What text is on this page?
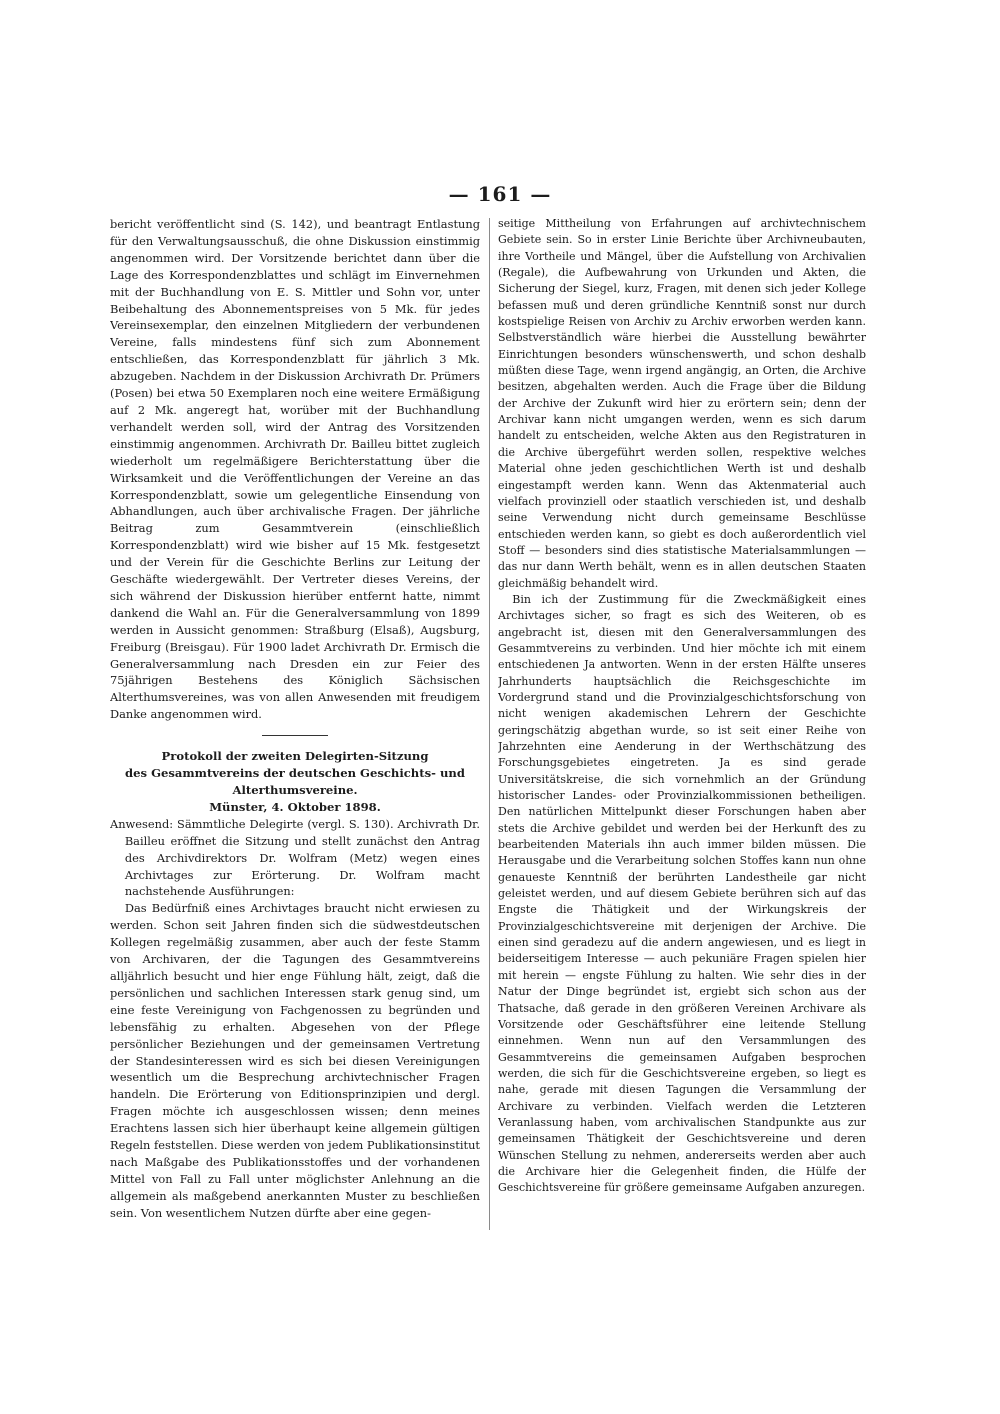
— 161 —

bericht veröffentlicht sind (S. 142), und beantragt Entlastung für den Verwaltungsausschuß, die ohne Diskussion einstimmig angenommen wird. Der Vorsitzende berichtet dann über die Lage des Korrespondenzblattes und schlägt im Einvernehmen mit der Buchhandlung von E. S. Mittler und Sohn vor, unter Beibehaltung des Abonnementspreises von 5 Mk. für jedes Vereinsexemplar, den einzelnen Mitgliedern der verbundenen Vereine, falls mindestens fünf sich zum Abonnement entschließen, das Korrespondenzblatt für jährlich 3 Mk. abzugeben. Nachdem in der Diskussion Archivrath Dr. Prümers (Posen) bei etwa 50 Exemplaren noch eine weitere Ermäßigung auf 2 Mk. angeregt hat, worüber mit der Buchhandlung verhandelt werden soll, wird der Antrag des Vorsitzenden einstimmig angenommen. Archivrath Dr. Bailleu bittet zugleich wiederholt um regelmäßigere Berichterstattung über die Wirksamkeit und die Veröffentlichungen der Vereine an das Korrespondenzblatt, sowie um gelegentliche Einsendung von Abhandlungen, auch über archivalische Fragen. Der jährliche Beitrag zum Gesammtverein (einschließlich Korrespondenzblatt) wird wie bisher auf 15 Mk. festgesetzt und der Verein für die Geschichte Berlins zur Leitung der Geschäfte wiedergewählt. Der Vertreter dieses Vereins, der sich während der Diskussion hierüber entfernt hatte, nimmt dankend die Wahl an. Für die Generalversammlung von 1899 werden in Aussicht genommen: Straßburg (Elsaß), Augsburg, Freiburg (Breisgau). Für 1900 ladet Archivrath Dr. Ermisch die Generalversammlung nach Dresden ein zur Feier des 75jährigen Bestehens des Königlich Sächsischen Alterthumsvereines, was von allen Anwesenden mit freudigem Danke angenommen wird.

Protokoll der zweiten Delegirten-Sitzung

des Gesammtvereins der deutschen Geschichts- und Alterthumsvereine.

Münster, 4. Oktober 1898.

Anwesend: Sämmtliche Delegirte (vergl. S. 130). Archivrath Dr. Bailleu eröffnet die Sitzung und stellt zunächst den Antrag des Archivdirektors Dr. Wolfram (Metz) wegen eines Archivtages zur Erörterung. Dr. Wolfram macht nachstehende Ausführungen:

Das Bedürfniß eines Archivtages braucht nicht erwiesen zu werden. Schon seit Jahren finden sich die südwestdeutschen Kollegen regelmäßig zusammen, aber auch der feste Stamm von Archivaren, der die Tagungen des Gesammtvereins alljährlich besucht und hier enge Fühlung hält, zeigt, daß die persönlichen und sachlichen Interessen stark genug sind, um eine feste Vereinigung von Fachgenossen zu begründen und lebensfähig zu erhalten. Abgesehen von der Pflege persönlicher Beziehungen und der gemeinsamen Vertretung der Standesinteressen wird es sich bei diesen Vereinigungen wesentlich um die Besprechung archivtechnischer Fragen handeln. Die Erörterung von Editionsprinzipien und dergl. Fragen möchte ich ausgeschlossen wissen; denn meines Erachtens lassen sich hier überhaupt keine allgemein gültigen Regeln feststellen. Diese werden von jedem Publikationsinstitut nach Maßgabe des Publikationsstoffes und der vorhandenen Mittel von Fall zu Fall unter möglichster Anlehnung an die allgemein als maßgebend anerkannten Muster zu beschließen sein. Von wesentlichem Nutzen dürfte aber eine gegen-

seitige Mittheilung von Erfahrungen auf archivtechnischem Gebiete sein. So in erster Linie Berichte über Archivneubauten, ihre Vortheile und Mängel, über die Aufstellung von Archivalien (Regale), die Aufbewahrung von Urkunden und Akten, die Sicherung der Siegel, kurz, Fragen, mit denen sich jeder Kollege befassen muß und deren gründliche Kenntniß sonst nur durch kostspielige Reisen von Archiv zu Archiv erworben werden kann. Selbstverständlich wäre hierbei die Ausstellung bewährter Einrichtungen besonders wünschenswerth, und schon deshalb müßten diese Tage, wenn irgend angängig, an Orten, die Archive besitzen, abgehalten werden. Auch die Frage über die Bildung der Archive der Zukunft wird hier zu erörtern sein; denn der Archivar kann nicht umgangen werden, wenn es sich darum handelt zu entscheiden, welche Akten aus den Registraturen in die Archive übergeführt werden sollen, respektive welches Material ohne jeden geschichtlichen Werth ist und deshalb eingestampft werden kann. Wenn das Aktenmaterial auch vielfach provinziell oder staatlich verschieden ist, und deshalb seine Verwendung nicht durch gemeinsame Beschlüsse entschieden werden kann, so giebt es doch außerordentlich viel Stoff — besonders sind dies statistische Materialsammlungen — das nur dann Werth behält, wenn es in allen deutschen Staaten gleichmäßig behandelt wird.

Bin ich der Zustimmung für die Zweckmäßigkeit eines Archivtages sicher, so fragt es sich des Weiteren, ob es angebracht ist, diesen mit den Generalversammlungen des Gesammtvereins zu verbinden. Und hier möchte ich mit einem entschiedenen Ja antworten. Wenn in der ersten Hälfte unseres Jahrhunderts hauptsächlich die Reichsgeschichte im Vordergrund stand und die Provinzialgeschichtsforschung von nicht wenigen akademischen Lehrern der Geschichte geringschätzig abgethan wurde, so ist seit einer Reihe von Jahrzehnten eine Aenderung in der Werthschätzung des Forschungsgebietes eingetreten. Ja es sind gerade Universitätskreise, die sich vornehmlich an der Gründung historischer Landes- oder Provinzialkommissionen betheiligen. Den natürlichen Mittelpunkt dieser Forschungen haben aber stets die Archive gebildet und werden bei der Herkunft des zu bearbeitenden Materials ihn auch immer bilden müssen. Die Herausgabe und die Verarbeitung solchen Stoffes kann nun ohne genaueste Kenntniß der berührten Landestheile gar nicht geleistet werden, und auf diesem Gebiete berühren sich auf das Engste die Thätigkeit und der Wirkungskreis der Provinzialgeschichtsvereine mit derjenigen der Archive. Die einen sind geradezu auf die andern angewiesen, und es liegt in beiderseitigem Interesse — auch pekuniäre Fragen spielen hier mit herein — engste Fühlung zu halten. Wie sehr dies in der Natur der Dinge begründet ist, ergiebt sich schon aus der Thatsache, daß gerade in den größeren Vereinen Archivare als Vorsitzende oder Geschäftsführer eine leitende Stellung einnehmen. Wenn nun auf den Versammlungen des Gesammtvereins die gemeinsamen Aufgaben besprochen werden, die sich für die Geschichtsvereine ergeben, so liegt es nahe, gerade mit diesen Tagungen die Versammlung der Archivare zu verbinden. Vielfach werden die Letzteren Veranlassung haben, vom archivalischen Standpunkte aus zur gemeinsamen Thätigkeit der Geschichtsvereine und deren Wünschen Stellung zu nehmen, andererseits werden aber auch die Archivare hier die Gelegenheit finden, die Hülfe der Geschichtsvereine für größere gemeinsame Aufgaben anzuregen.
